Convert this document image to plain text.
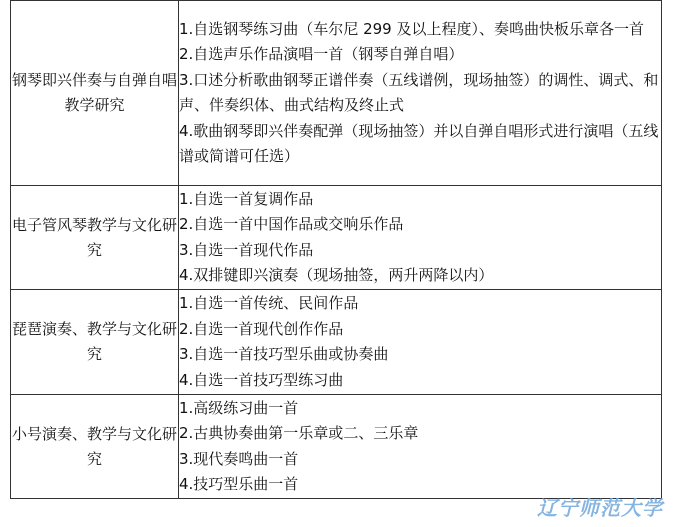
钢琴即兴伴奏与自弹自唱教学研究	1.自选钢琴练习曲（车尔尼 299 及以上程度）、奏鸣曲快板乐章各一首
2.自选声乐作品演唱一首（钢琴自弹自唱）
3.口述分析歌曲钢琴正谱伴奏（五线谱例，现场抽签）的调性、调式、和声、伴奏织体、曲式结构及终止式
4.歌曲钢琴即兴伴奏配弹（现场抽签）并以自弹自唱形式进行演唱（五线谱或简谱可任选）

电子管风琴教学与文化研究	1.自选一首复调作品
2.自选一首中国作品或交响乐作品
3.自选一首现代作品
4.双排键即兴演奏（现场抽签，两升两降以内）

琵琶演奏、教学与文化研究	1.自选一首传统、民间作品
2.自选一首现代创作作品
3.自选一首技巧型乐曲或协奏曲
4.自选一首技巧型练习曲

小号演奏、教学与文化研究	1.高级练习曲一首
2.古典协奏曲第一乐章或二、三乐章
3.现代奏鸣曲一首
4.技巧型乐曲一首
辽宁师范大学
